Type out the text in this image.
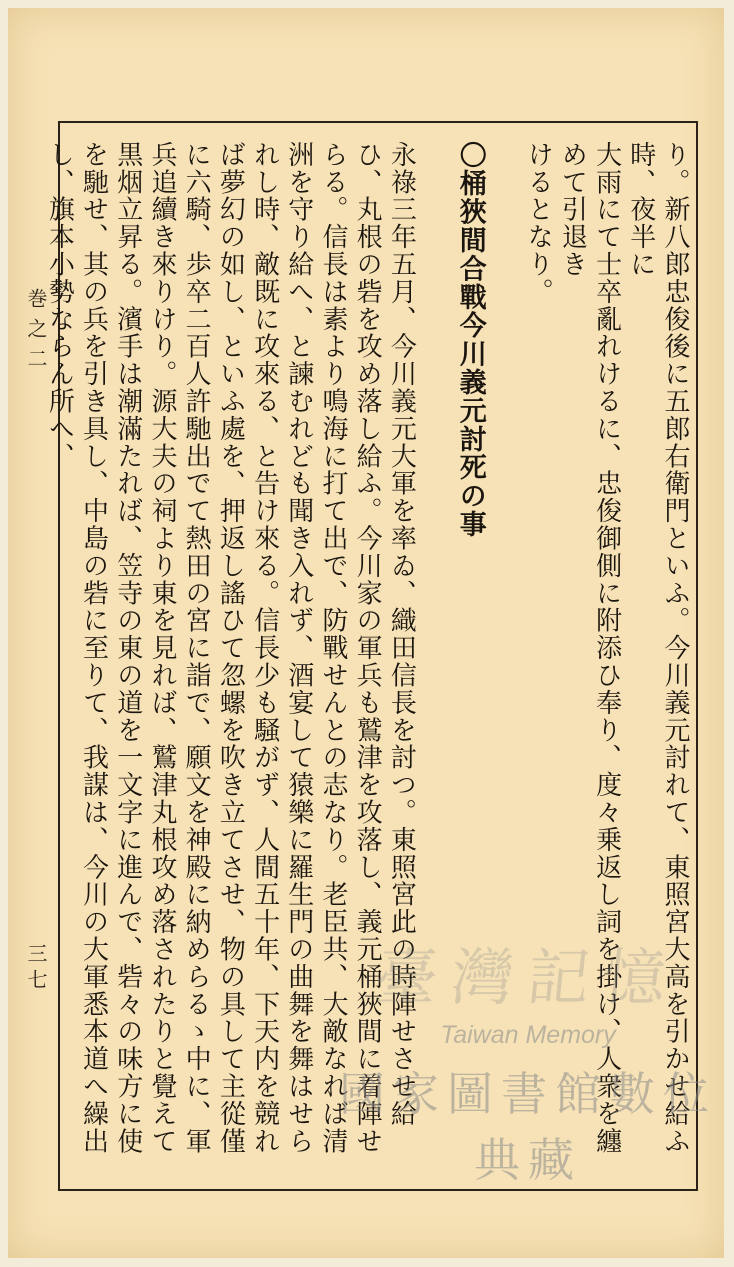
り。新八郎忠俊後に五郎右衛門といふ。今川義元討れて、東照宮大高を引かせ給ふ時、夜半に
大雨にて士卒亂れけるに、忠俊御側に附添ひ奉り、度々乗返し詞を掛け、人衆を纏めて引退き
けるとなり。

〇桶狹間合戰今川義元討死の事

永祿三年五月、今川義元大軍を率ゐ、織田信長を討つ。東照宮此の時陣せさせ給ひ、丸根の砦を攻め落し給ふ。今川家の軍兵も鷲津を攻落し、義元桶狹間に着陣せらる。信長は素より鳴海に打て出で、防戰せんとの志なり。老臣共、大敵なれば清洲を守り給へ、と諫むれども聞き入れず、酒宴して猿樂に羅生門の曲舞を舞はせられし時、敵既に攻來る、と告け來る。信長少も騒がず、人間五十年、下天内を競れば夢幻の如し、といふ處を、押返し謠ひて忽螺を吹き立てさせ、物の具して主從僅に六騎、歩卒二百人許馳出でて熱田の宮に詣で、願文を神殿に納めらるゝ中に、軍兵追續き來りけり。源大夫の祠より東を見れば、鷲津丸根攻め落されたりと覺えて黒烟立昇る。濱手は潮滿たれば、笠寺の東の道を一文字に進んで、砦々の味方に使を馳せ、其の兵を引き具し、中島の砦に至りて、我謀は、今川の大軍悉本道へ繰出し、旗本小勢ならん所へ、
巻之二
三七	臺灣記憶
Taiwan Memory
國家圖書館數位典藏
